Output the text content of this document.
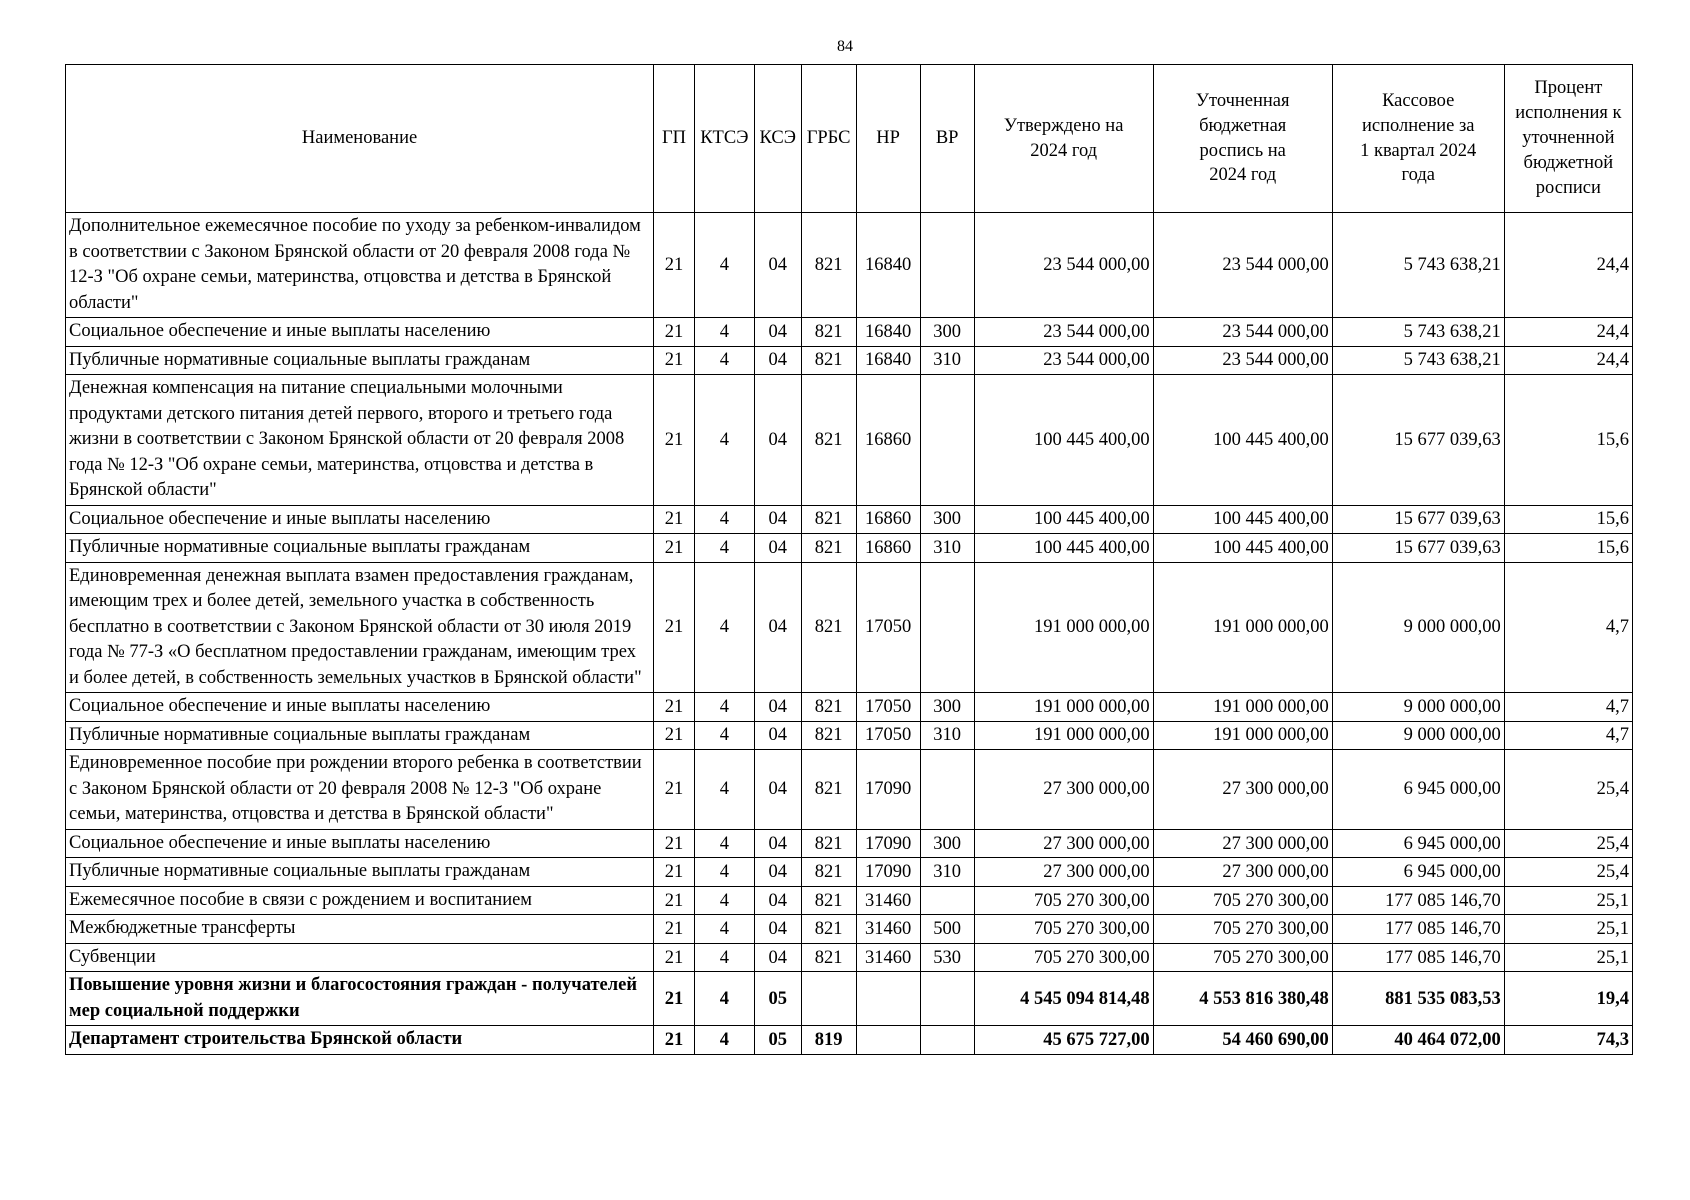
84
Наименование	ГП	КТСЭ	КСЭ	ГРБС	НР	ВР	Утверждено на 2024 год	Уточненная бюджетная роспись на 2024 год	Кассовое исполнение за 1 квартал 2024 года	Процент исполнения к уточненной бюджетной росписи
Дополнительное ежемесячное пособие по уходу за ребенком-инвалидом в соответствии с Законом Брянской области от 20 февраля 2008 года № 12-З "Об охране семьи, материнства, отцовства и детства в Брянской области"	21	4	04	821	16840		23 544 000,00	23 544 000,00	5 743 638,21	24,4
Социальное обеспечение и иные выплаты населению	21	4	04	821	16840	300	23 544 000,00	23 544 000,00	5 743 638,21	24,4
Публичные нормативные социальные выплаты гражданам	21	4	04	821	16840	310	23 544 000,00	23 544 000,00	5 743 638,21	24,4
Денежная компенсация на питание специальными молочными продуктами детского питания детей первого, второго и третьего года жизни в соответствии с Законом Брянской области от 20 февраля 2008 года № 12-З "Об охране семьи, материнства, отцовства и детства в Брянской области"	21	4	04	821	16860		100 445 400,00	100 445 400,00	15 677 039,63	15,6
Социальное обеспечение и иные выплаты населению	21	4	04	821	16860	300	100 445 400,00	100 445 400,00	15 677 039,63	15,6
Публичные нормативные социальные выплаты гражданам	21	4	04	821	16860	310	100 445 400,00	100 445 400,00	15 677 039,63	15,6
Единовременная денежная выплата взамен предоставления гражданам, имеющим трех и более детей, земельного участка в собственность бесплатно в соответствии с Законом Брянской области от 30 июля 2019 года № 77-З «О бесплатном предоставлении гражданам, имеющим трех и более детей, в собственность земельных участков в Брянской области"	21	4	04	821	17050		191 000 000,00	191 000 000,00	9 000 000,00	4,7
Социальное обеспечение и иные выплаты населению	21	4	04	821	17050	300	191 000 000,00	191 000 000,00	9 000 000,00	4,7
Публичные нормативные социальные выплаты гражданам	21	4	04	821	17050	310	191 000 000,00	191 000 000,00	9 000 000,00	4,7
Единовременное пособие при рождении второго ребенка в соответствии с Законом Брянской области от 20 февраля 2008 № 12-З "Об охране семьи, материнства, отцовства и детства в Брянской области"	21	4	04	821	17090		27 300 000,00	27 300 000,00	6 945 000,00	25,4
Социальное обеспечение и иные выплаты населению	21	4	04	821	17090	300	27 300 000,00	27 300 000,00	6 945 000,00	25,4
Публичные нормативные социальные выплаты гражданам	21	4	04	821	17090	310	27 300 000,00	27 300 000,00	6 945 000,00	25,4
Ежемесячное пособие в связи с рождением и воспитанием	21	4	04	821	31460		705 270 300,00	705 270 300,00	177 085 146,70	25,1
Межбюджетные трансферты	21	4	04	821	31460	500	705 270 300,00	705 270 300,00	177 085 146,70	25,1
Субвенции	21	4	04	821	31460	530	705 270 300,00	705 270 300,00	177 085 146,70	25,1
Повышение уровня жизни и благосостояния граждан - получателей мер социальной поддержки	21	4	05				4 545 094 814,48	4 553 816 380,48	881 535 083,53	19,4
Департамент строительства Брянской области	21	4	05	819			45 675 727,00	54 460 690,00	40 464 072,00	74,3
